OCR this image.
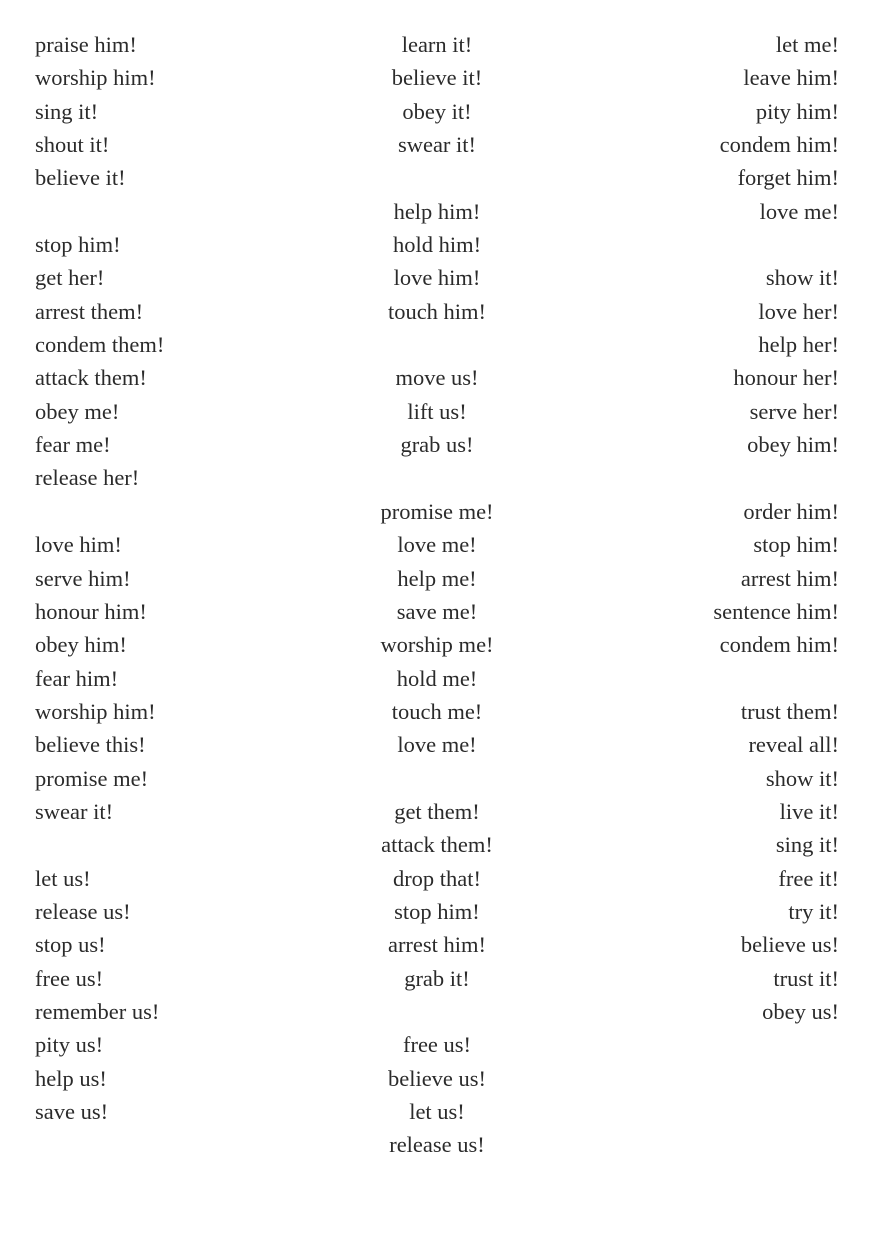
praise him!
worship him!
sing it!
shout it!
believe it!

stop him!
get her!
arrest them!
condem them!
attack them!
obey me!
fear me!
release her!

love him!
serve him!
honour him!
obey him!
fear him!
worship him!
believe this!
promise me!
swear it!

let us!
release us!
stop us!
free us!
remember us!
pity us!
help us!
save us!
learn it!
believe it!
obey it!
swear it!

help him!
hold him!
love him!
touch him!

move us!
lift us!
grab us!

promise me!
love me!
help me!
save me!
worship me!
hold me!
touch me!
love me!

get them!
attack them!
drop that!
stop him!
arrest him!
grab it!

free us!
believe us!
let us!
release us!
let me!
leave him!
pity him!
condem him!
forget him!
love me!

show it!
love her!
help her!
honour her!
serve her!
obey him!

order him!
stop him!
arrest him!
sentence him!
condem him!

trust them!
reveal all!
show it!
live it!
sing it!
free it!
try it!
believe us!
trust it!
obey us!
